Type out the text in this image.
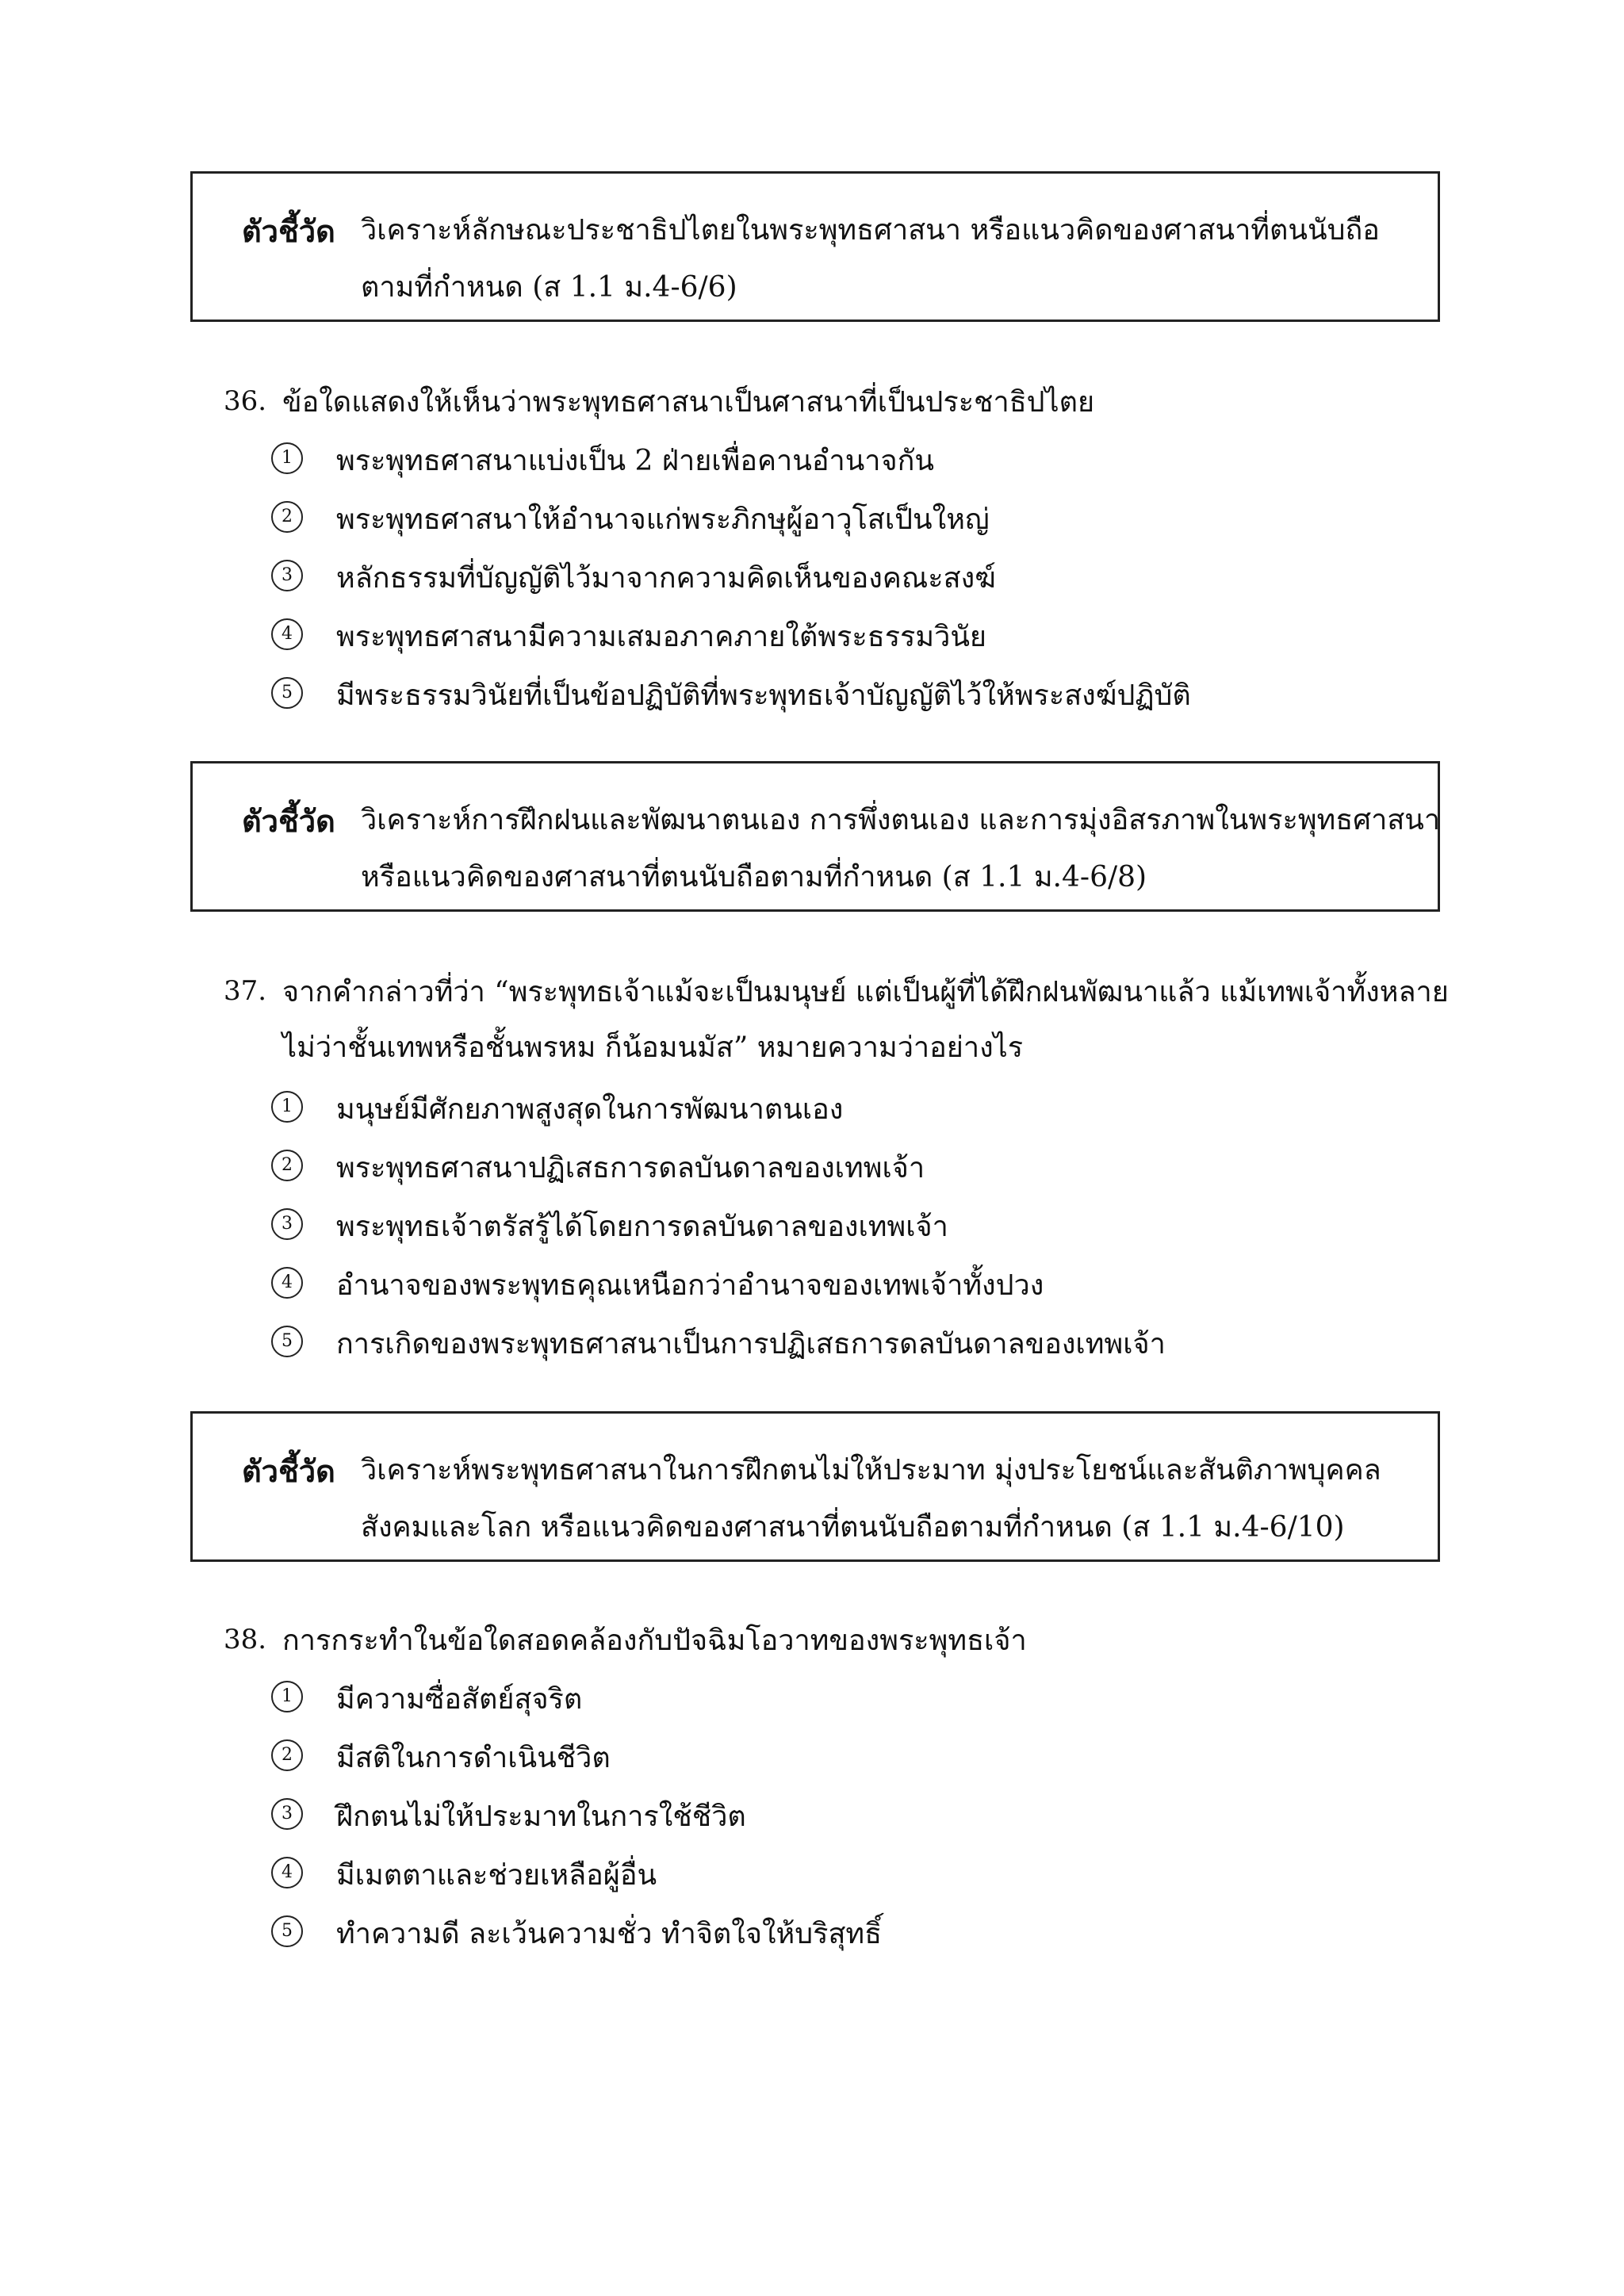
ตัวชี้วัด วิเคราะห์ลักษณะประชาธิปไตยในพระพุทธศาสนา หรือแนวคิดของศาสนาที่ตนนับถือ
ตามที่กำหนด (ส 1.1 ม.4-6/6)
36. ข้อใดแสดงให้เห็นว่าพระพุทธศาสนาเป็นศาสนาที่เป็นประชาธิปไตย
1	พระพุทธศาสนาแบ่งเป็น 2 ฝ่ายเพื่อคานอำนาจกัน
2	พระพุทธศาสนาให้อำนาจแก่พระภิกษุผู้อาวุโสเป็นใหญ่
3	หลักธรรมที่บัญญัติไว้มาจากความคิดเห็นของคณะสงฆ์
4	พระพุทธศาสนามีความเสมอภาคภายใต้พระธรรมวินัย
5	มีพระธรรมวินัยที่เป็นข้อปฏิบัติที่พระพุทธเจ้าบัญญัติไว้ให้พระสงฆ์ปฏิบัติ
ตัวชี้วัด วิเคราะห์การฝึกฝนและพัฒนาตนเอง การพึ่งตนเอง และการมุ่งอิสรภาพในพระพุทธศาสนา
หรือแนวคิดของศาสนาที่ตนนับถือตามที่กำหนด (ส 1.1 ม.4-6/8)
37. จากคำกล่าวที่ว่า “พระพุทธเจ้าแม้จะเป็นมนุษย์ แต่เป็นผู้ที่ได้ฝึกฝนพัฒนาแล้ว แม้เทพเจ้าทั้งหลาย
ไม่ว่าชั้นเทพหรือชั้นพรหม ก็น้อมนมัส” หมายความว่าอย่างไร
1	มนุษย์มีศักยภาพสูงสุดในการพัฒนาตนเอง
2	พระพุทธศาสนาปฏิเสธการดลบันดาลของเทพเจ้า
3	พระพุทธเจ้าตรัสรู้ได้โดยการดลบันดาลของเทพเจ้า
4	อำนาจของพระพุทธคุณเหนือกว่าอำนาจของเทพเจ้าทั้งปวง
5	การเกิดของพระพุทธศาสนาเป็นการปฏิเสธการดลบันดาลของเทพเจ้า
ตัวชี้วัด วิเคราะห์พระพุทธศาสนาในการฝึกตนไม่ให้ประมาท มุ่งประโยชน์และสันติภาพบุคคล
สังคมและโลก หรือแนวคิดของศาสนาที่ตนนับถือตามที่กำหนด (ส 1.1 ม.4-6/10)
38. การกระทำในข้อใดสอดคล้องกับปัจฉิมโอวาทของพระพุทธเจ้า
1	มีความซื่อสัตย์สุจริต
2	มีสติในการดำเนินชีวิต
3	ฝึกตนไม่ให้ประมาทในการใช้ชีวิต
4	มีเมตตาและช่วยเหลือผู้อื่น
5	ทำความดี ละเว้นความชั่ว ทำจิตใจให้บริสุทธิ์
